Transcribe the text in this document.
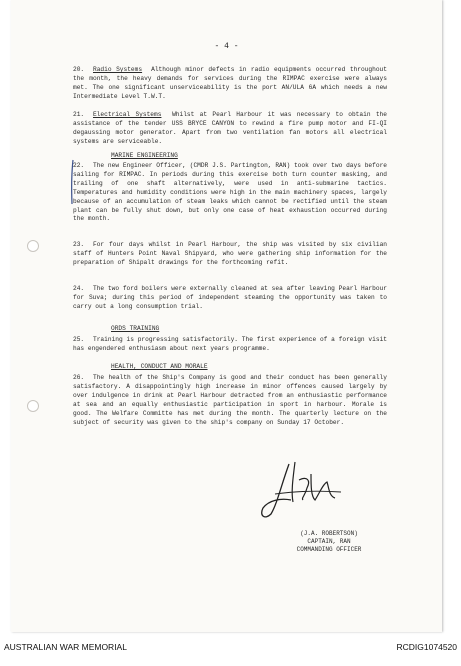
- 4 -
20. Radio Systems Although minor defects in radio equipments occurred throughout the month, the heavy demands for services during the RIMPAC exercise were always met. The one significant unserviceability is the port AN/ULA 6A which needs a new Intermediate Level T.W.T.
21. Electrical Systems Whilst at Pearl Harbour it was necessary to obtain the assistance of the tender USS BRYCE CANYON to rewind a fire pump motor and FI-QI degaussing motor generator. Apart from two ventilation fan motors all electrical systems are serviceable.
MARINE ENGINEERING
22. The new Engineer Officer, (CMDR J.S. Partington, RAN) took over two days before sailing for RIMPAC. In periods during this exercise both turn counter masking, and trailing of one shaft alternatively, were used in anti-submarine tactics. Temperatures and humidity conditions were high in the main machinery spaces, largely because of an accumulation of steam leaks which cannot be rectified until the steam plant can be fully shut down, but only one case of heat exhaustion occurred during the month.
23. For four days whilst in Pearl Harbour, the ship was visited by six civilian staff of Hunters Point Naval Shipyard, who were gathering ship information for the preparation of Shipalt drawings for the forthcoming refit.
24. The two ford boilers were externally cleaned at sea after leaving Pearl Harbour for Suva; during this period of independent steaming the opportunity was taken to carry out a long consumption trial.
ORDS TRAINING
25. Training is progressing satisfactorily. The first experience of a foreign visit has engendered enthusiasm about next years programme.
HEALTH, CONDUCT AND MORALE
26. The health of the Ship's Company is good and their conduct has been generally satisfactory. A disappointingly high increase in minor offences caused largely by over indulgence in drink at Pearl Harbour detracted from an enthusiastic performance at sea and an equally enthusiastic participation in sport in harbour. Morale is good. The Welfare Committe has met during the month. The quarterly lecture on the subject of security was given to the ship's company on Sunday 17 October.
(J.A. ROBERTSON)
CAPTAIN, RAN
COMMANDING OFFICER
AUSTRALIAN WAR MEMORIAL	RCDIG1074520
